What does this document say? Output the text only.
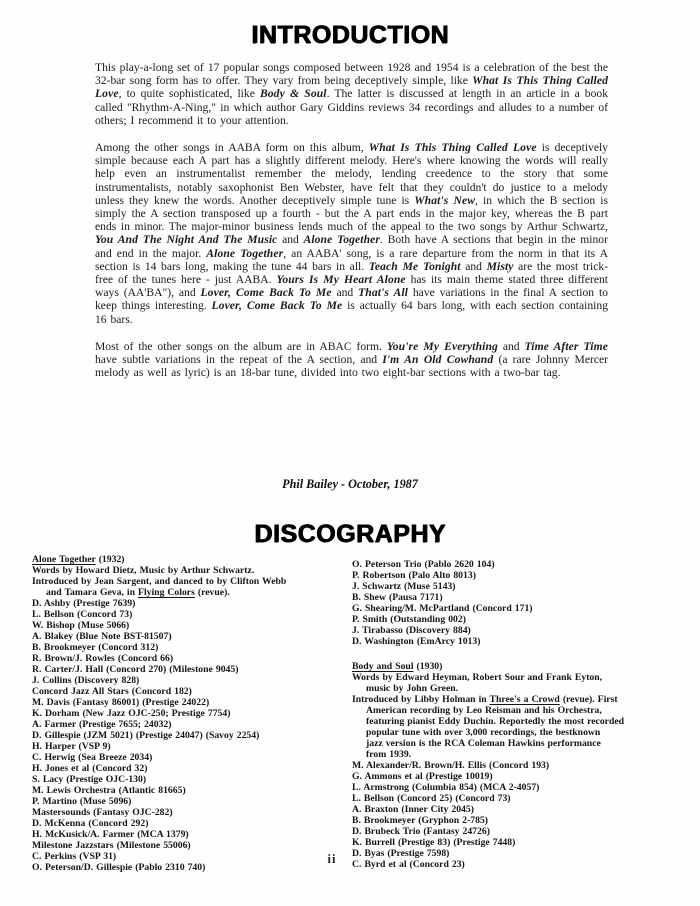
INTRODUCTION

This play-a-long set of 17 popular songs composed between 1928 and 1954 is a celebration of the best the 32-bar song form has to offer. They vary from being deceptively simple, like What Is This Thing Called Love, to quite sophisticated, like Body & Soul. The latter is discussed at length in an article in a book called "Rhythm-A-Ning," in which author Gary Giddins reviews 34 recordings and alludes to a number of others; I recommend it to your attention.

Among the other songs in AABA form on this album, What Is This Thing Called Love is deceptively simple because each A part has a slightly different melody. Here's where knowing the words will really help even an instrumentalist remember the melody, lending creedence to the story that some instrumentalists, notably saxophonist Ben Webster, have felt that they couldn't do justice to a melody unless they knew the words. Another deceptively simple tune is What's New, in which the B section is simply the A section transposed up a fourth - but the A part ends in the major key, whereas the B part ends in minor. The major-minor business lends much of the appeal to the two songs by Arthur Schwartz, You And The Night And The Music and Alone Together. Both have A sections that begin in the minor and end in the major. Alone Together, an AABA' song, is a rare departure from the norm in that its A section is 14 bars long, making the tune 44 bars in all. Teach Me Tonight and Misty are the most trick-free of the tunes here - just AABA. Yours Is My Heart Alone has its main theme stated three different ways (AA'BA"), and Lover, Come Back To Me and That's All have variations in the final A section to keep things interesting. Lover, Come Back To Me is actually 64 bars long, with each section containing 16 bars.

Most of the other songs on the album are in ABAC form. You're My Everything and Time After Time have subtle variations in the repeat of the A section, and I'm An Old Cowhand (a rare Johnny Mercer melody as well as lyric) is an 18-bar tune, divided into two eight-bar sections with a two-bar tag.

Phil Bailey - October, 1987
DISCOGRAPHY
Alone Together (1932)
Words by Howard Dietz, Music by Arthur Schwartz.
Introduced by Jean Sargent, and danced to by Clifton Webb
and Tamara Geva, in Flying Colors (revue).
D. Ashby (Prestige 7639)
L. Bellson (Concord 73)
W. Bishop (Muse 5066)
A. Blakey (Blue Note BST-81507)
B. Brookmeyer (Concord 312)
R. Brown/J. Rowles (Concord 66)
R. Carter/J. Hall (Concord 270) (Milestone 9045)
J. Collins (Discovery 828)
Concord Jazz All Stars (Concord 182)
M. Davis (Fantasy 86001) (Prestige 24022)
K. Dorham (New Jazz OJC-250; Prestige 7754)
A. Farmer (Prestige 7655; 24032)
D. Gillespie (JZM 5021) (Prestige 24047) (Savoy 2254)
H. Harper (VSP 9)
C. Herwig (Sea Breeze 2034)
H. Jones et al (Concord 32)
S. Lacy (Prestige OJC-130)
M. Lewis Orchestra (Atlantic 81665)
P. Martino (Muse 5096)
Mastersounds (Fantasy OJC-282)
D. McKenna (Concord 292)
H. McKusick/A. Farmer (MCA 1379)
Milestone Jazzstars (Milestone 55006)
C. Perkins (VSP 31)
O. Peterson/D. Gillespie (Pablo 2310 740)
O. Peterson Trio (Pablo 2620 104)
P. Robertson (Palo Alto 8013)
J. Schwartz (Muse 5143)
B. Shew (Pausa 7171)
G. Shearing/M. McPartland (Concord 171)
P. Smith (Outstanding 002)
J. Tirabasso (Discovery 884)
D. Washington (EmArcy 1013)
Body and Soul (1930)
Words by Edward Heyman, Robert Sour and Frank Eyton,
music by John Green.
Introduced by Libby Holman in Three's a Crowd (revue). First
American recording by Leo Reisman and his Orchestra,
featuring pianist Eddy Duchin. Reportedly the most recorded
popular tune with over 3,000 recordings, the bestknown
jazz version is the RCA Coleman Hawkins performance
from 1939.
M. Alexander/R. Brown/H. Ellis (Concord 193)
G. Ammons et al (Prestige 10019)
L. Armstrong (Columbia 854) (MCA 2-4057)
L. Bellson (Concord 25) (Concord 73)
A. Braxton (Inner City 2045)
B. Brookmeyer (Gryphon 2-785)
D. Brubeck Trio (Fantasy 24726)
K. Burrell (Prestige 83) (Prestige 7448)
D. Byas (Prestige 7598)
C. Byrd et al (Concord 23)
ii
